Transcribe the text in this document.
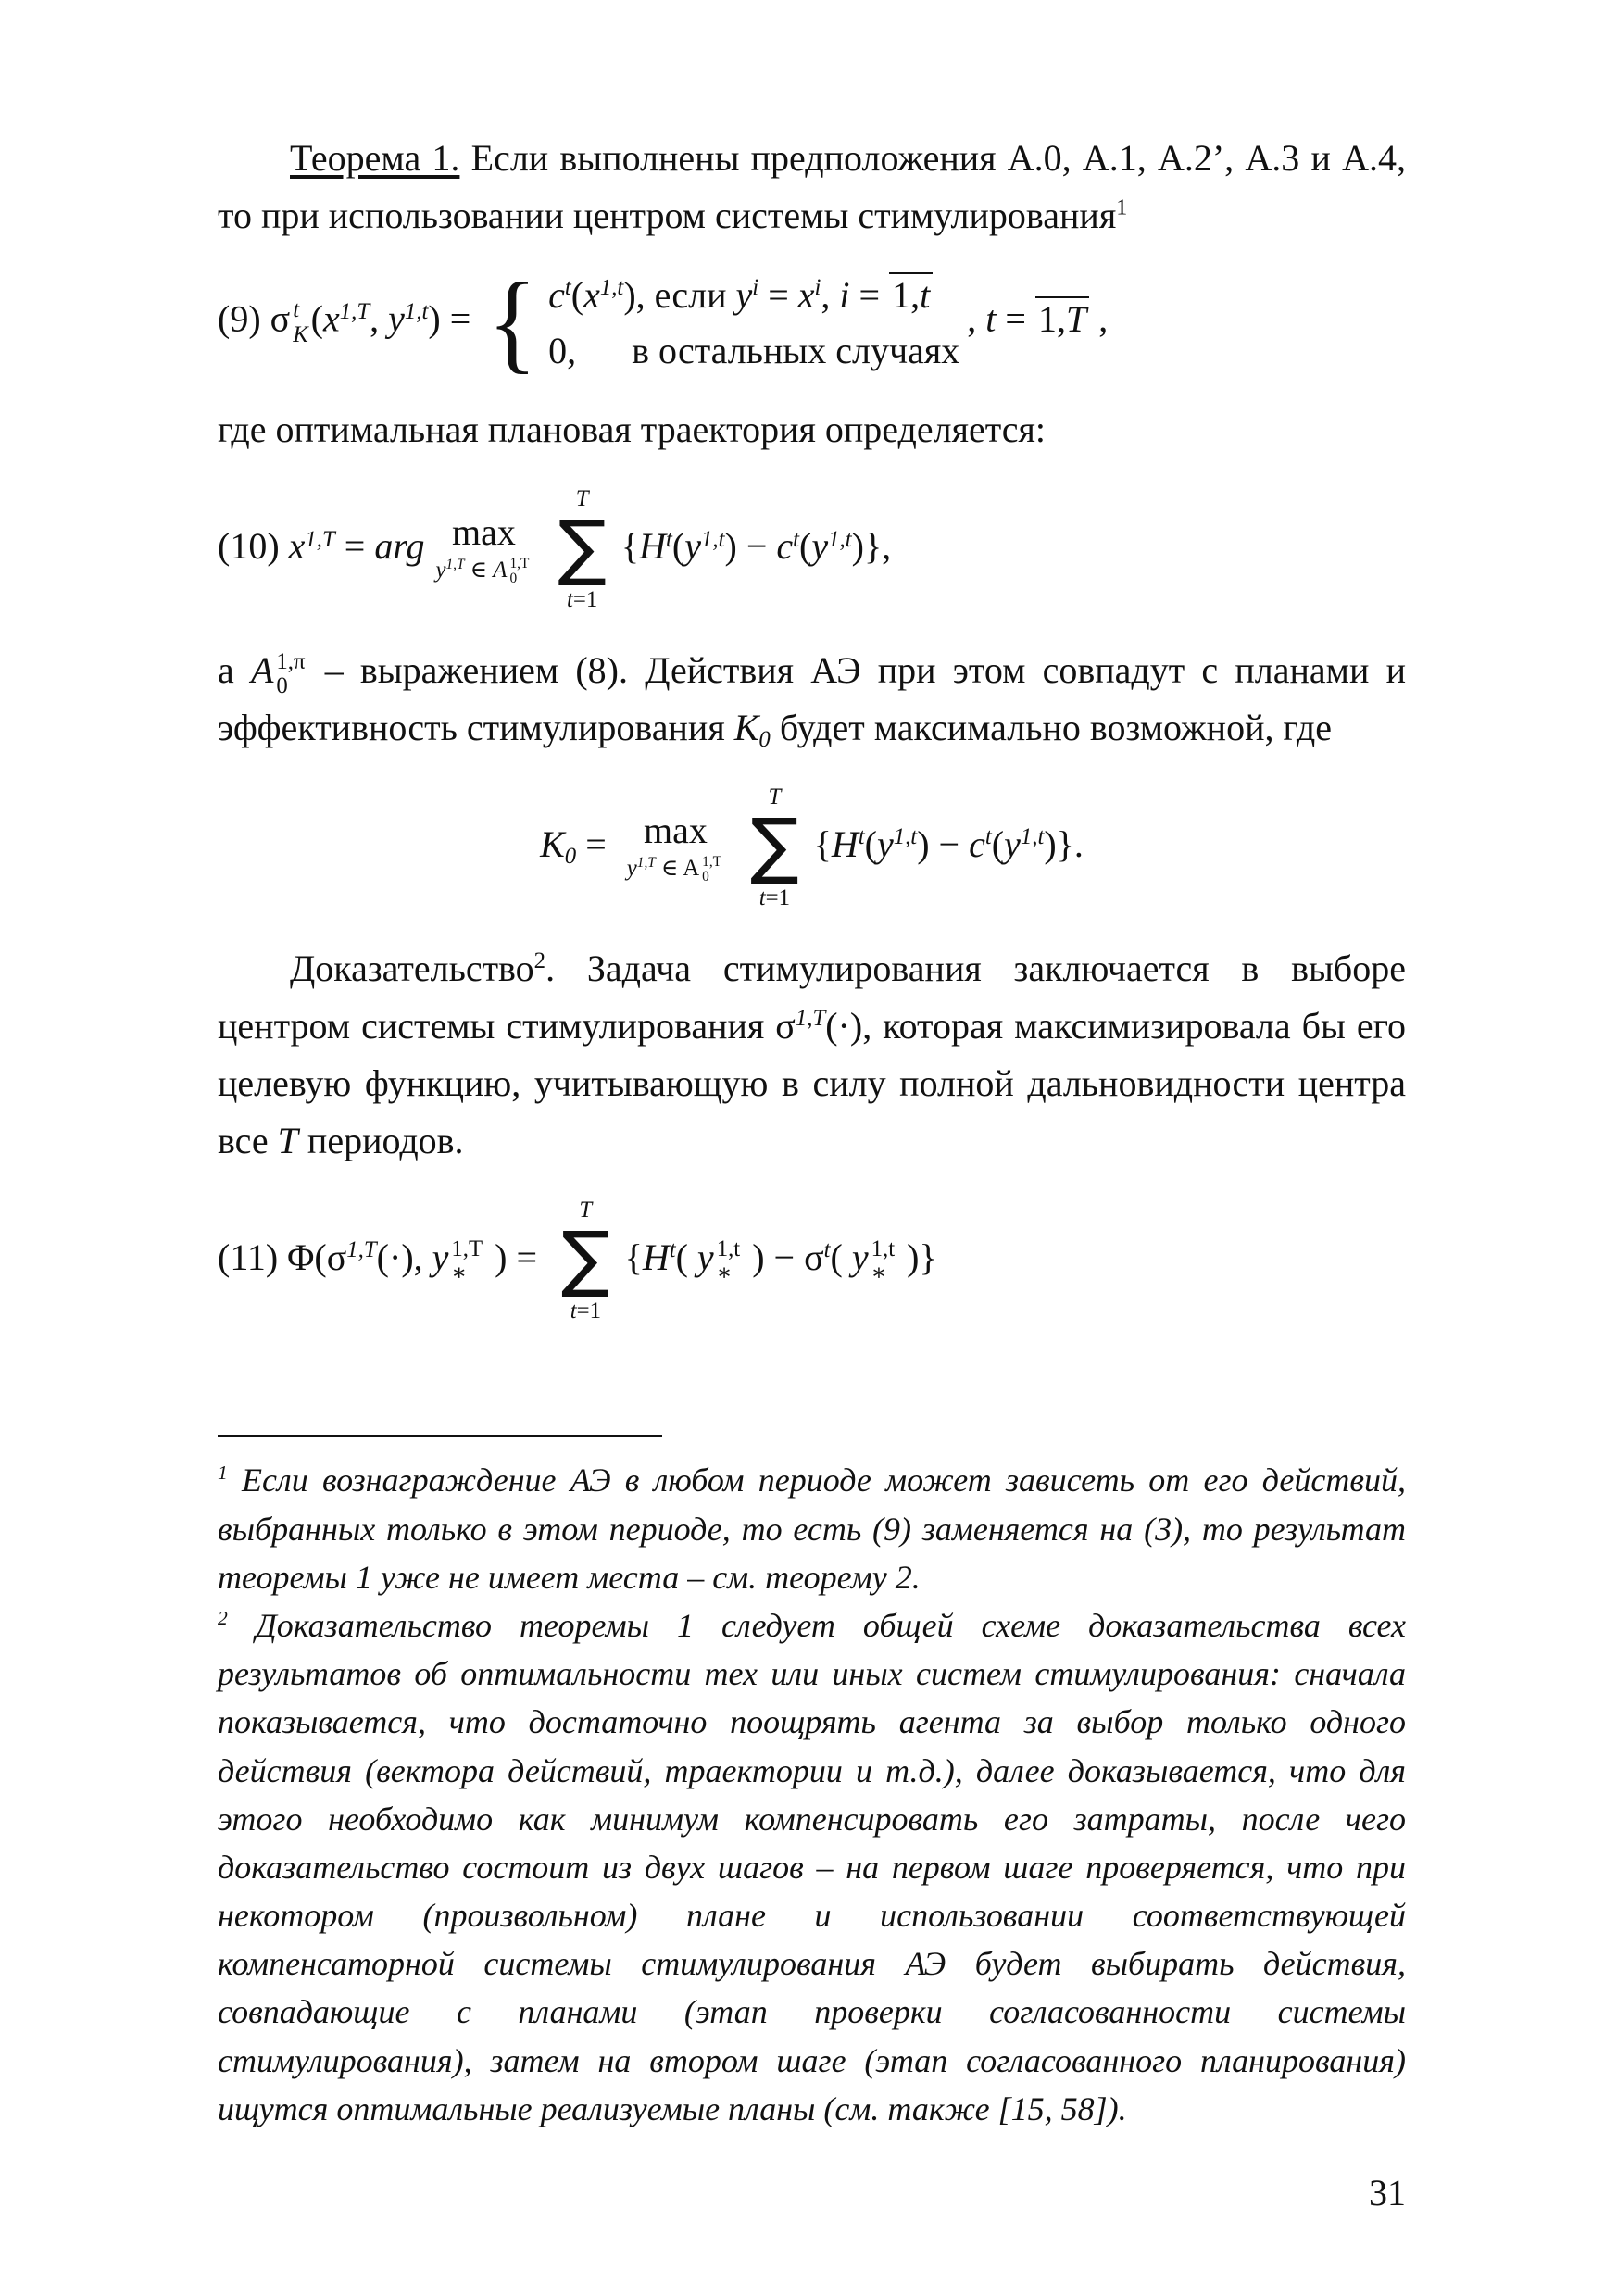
Теорема 1. Если выполнены предположения А.0, А.1, А.2’, А.3 и А.4, то при использовании центром системы стимулирования$^1$

(9) σ t
К ($x^{1,T}$, $y^{1,t}$) = { $c^t(x^{1,t})$, если $y^i = x^i$, i = 1,t
0,  в остальных случаях
, t = 1,T ,

где оптимальная плановая траектория определяется:

(10) $x^{1,T}$ = arg max
$y^{1,T}$ ∈ A 1,T
0
T
∑
t=1
$\{H^t(y^{1,t}) - c^t(y^{1,t})\}$,

а A 1,π
0 – выражением (8). Действия АЭ при этом совпадут с планами и эффективность стимулирования K0 будет максимально возможной, где

K0 = max
$y^{1,T}$ ∈ A 1,T
0
T
∑
t=1
$\{H^t(y^{1,t}) - c^t(y^{1,t})\}$.

Доказательство$^2$. Задача стимулирования заключается в выборе центром системы стимулирования $\sigma^{1,T}(\cdot)$, которая максимизировала бы его целевую функцию, учитывающую в силу полной дальновидности центра все T периодов.

(11) $\Phi(\sigma^{1,T}(\cdot)$, y 1,T
∗ ) =
T
∑
t=1
{$H^t$( y 1,t
∗ ) − $\sigma^t$( y 1,t
∗ )}

$^1$ Если вознаграждение АЭ в любом периоде может зависеть от его действий, выбранных только в этом периоде, то есть (9) заменяется на (3), то результат теоремы 1 уже не имеет места – см. теорему 2.

$^2$ Доказательство теоремы 1 следует общей схеме доказательства всех результатов об оптимальности тех или иных систем стимулирования: сначала показывается, что достаточно поощрять агента за выбор только одного действия (вектора действий, траектории и т.д.), далее доказывается, что для этого необходимо как минимум компенсировать его затраты, после чего доказательство состоит из двух шагов – на первом шаге проверяется, что при некотором (произвольном) плане и использовании соответствующей компенсаторной системы стимулирования АЭ будет выбирать действия, совпадающие с планами (этап проверки согласованности системы стимулирования), затем на втором шаге (этап согласованного планирования) ищутся оптимальные реализуемые планы (см. также [15, 58]).

31
